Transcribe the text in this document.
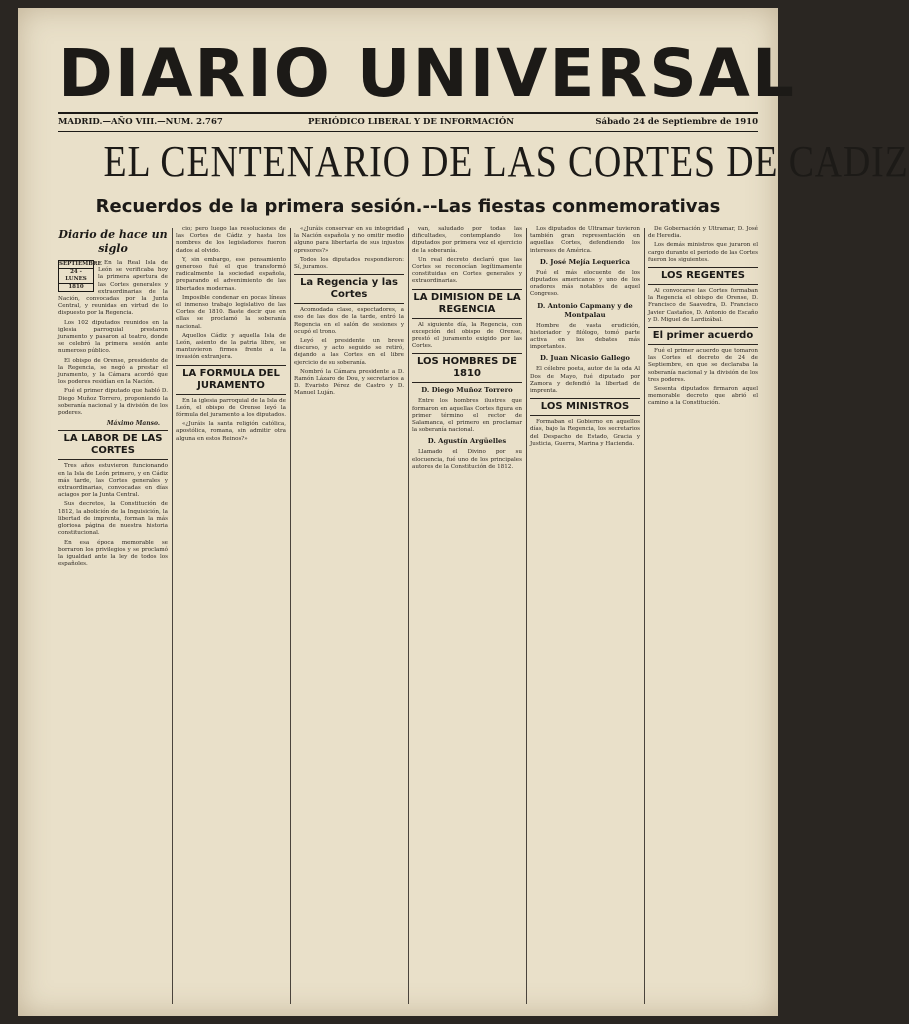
DIARIO UNIVERSAL
MADRID.—AÑO VIII.—NUM. 2.767	PERIÓDICO LIBERAL Y DE INFORMACIÓN	Sábado 24 de Septiembre de 1910
EL CENTENARIO DE LAS CORTES DE CADIZ
Recuerdos de la primera sesión.--Las fiestas conmemorativas
Diario de hace un siglo
SEPTIEMBRE
24 - LUNES
1810

En la Real Isla de León se verificaba hoy la primera apertura de las Cortes generales y extraordinarias de la Nación, convocadas por la Junta Central, y reunidas en virtud de lo dispuesto por la Regencia.

Los 102 diputados reunidos en la iglesia parroquial prestaron juramento y pasaron al teatro, donde se celebró la primera sesión ante numeroso público.

El obispo de Orense, presidente de la Regencia, se negó a prestar el juramento, y la Cámara acordó que los poderes residían en la Nación.

Fué el primer diputado que habló D. Diego Muñoz Torrero, proponiendo la soberanía nacional y la división de los poderes.

Máximo Manso.
LA LABOR DE LAS CORTES

Tres años estuvieron funcionando en la Isla de León primero, y en Cádiz más tarde, las Cortes generales y extraordinarias, convocadas en días aciagos por la Junta Central.

Sus decretos, la Constitución de 1812, la abolición de la Inquisición, la libertad de imprenta, forman la más gloriosa página de nuestra historia constitucional.

En esa época memorable se borraron los privilegios y se proclamó la igualdad ante la ley de todos los españoles.

cio; pero luego las resoluciones de las Cortes de Cádiz y hasta los nombres de los legisladores fueron dados al olvido.

Y, sin embargo, ese pensamiento generoso fué el que transformó radicalmente la sociedad española, preparando el advenimiento de las libertades modernas.

Imposible condenar en pocas líneas el inmenso trabajo legislativo de las Cortes de 1810. Baste decir que en ellas se proclamó la soberanía nacional.

Aquellos Cádiz y aquella Isla de León, asiento de la patria libre, se mantuvieron firmes frente a la invasión extranjera.

LA FORMULA DEL JURAMENTO

En la iglesia parroquial de la Isla de León, el obispo de Orense leyó la fórmula del juramento a los diputados.

«¿Juráis la santa religión católica, apostólica, romana, sin admitir otra alguna en estos Reinos?»

«¿Juráis conservar en su integridad la Nación española y no omitir medio alguno para libertarla de sus injustos opresores?»

Todos los diputados respondieron: Sí, juramos.

La Regencia y las Cortes

Acomodada clase, espectadores, a eso de las dos de la tarde, entró la Regencia en el salón de sesiones y ocupó el trono.

Leyó el presidente un breve discurso, y acto seguido se retiró, dejando a las Cortes en el libre ejercicio de su soberanía.

Nombró la Cámara presidente a D. Ramón Lázaro de Dou, y secretarios a D. Evaristo Pérez de Castro y D. Manuel Luján.

van, saludado por todas las dificultades, contemplando los diputados por primera vez el ejercicio de la soberanía.

Un real decreto declaró que las Cortes se reconocían legítimamente constituidas en Cortes generales y extraordinarias.

LA DIMISION DE LA REGENCIA

Al siguiente día, la Regencia, con excepción del obispo de Orense, prestó el juramento exigido por las Cortes.

LOS HOMBRES DE 1810
D. Diego Muñoz Torrero

Entre los hombres ilustres que formaron en aquellas Cortes figura en primer término el rector de Salamanca, el primero en proclamar la soberanía nacional.

D. Agustín Argüelles

Llamado el Divino por su elocuencia, fué uno de los principales autores de la Constitución de 1812.

Los diputados de Ultramar tuvieron también gran representación en aquellas Cortes, defendiendo los intereses de América.

D. José Mejía Lequerica

Fué el más elocuente de los diputados americanos y uno de los oradores más notables de aquel Congreso.

D. Antonio Capmany y de Montpalau

Hombre de vasta erudición, historiador y filólogo, tomó parte activa en los debates más importantes.

D. Juan Nicasio Gallego

El célebre poeta, autor de la oda Al Dos de Mayo, fué diputado por Zamora y defendió la libertad de imprenta.

LOS MINISTROS

Formaban el Gobierno en aquellos días, bajo la Regencia, los secretarios del Despacho de Estado, Gracia y Justicia, Guerra, Marina y Hacienda.

De Gobernación y Ultramar, D. José de Heredia.

Los demás ministros que juraron el cargo durante el periodo de las Cortes fueron los siguientes.

LOS REGENTES

Al convocarse las Cortes formaban la Regencia el obispo de Orense, D. Francisco de Saavedra, D. Francisco Javier Castaños, D. Antonio de Escaño y D. Miguel de Lardizábal.

El primer acuerdo

Fué el primer acuerdo que tomaron las Cortes el decreto de 24 de Septiembre, en que se declaraba la soberanía nacional y la división de los tres poderes.

Sesenta diputados firmaron aquel memorable decreto que abrió el camino a la Constitución.
